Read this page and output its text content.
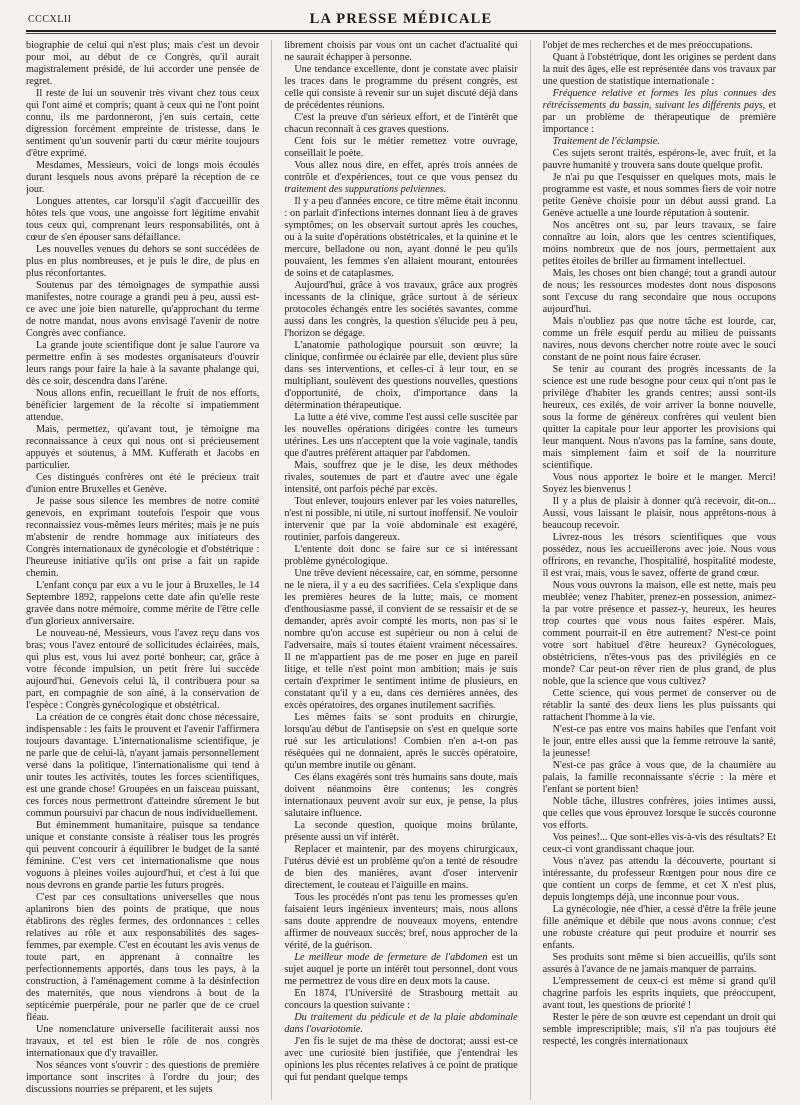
CCCXLII	LA PRESSE MÉDICALE

biographie de celui qui n'est plus; mais c'est un devoir pour moi, au début de ce Congrès, qu'il aurait magistralement présidé, de lui accorder une pensée de regret.

Il reste de lui un souvenir très vivant chez tous ceux qui l'ont aimé et compris; quant à ceux qui ne l'ont point connu, ils me pardonneront, j'en suis certain, cette digression forcément empreinte de tristesse, dans le sentiment qu'un souvenir parti du cœur mérite toujours d'être exprimé.

Mesdames, Messieurs, voici de longs mois écoulés durant lesquels nous avons préparé la réception de ce jour.

Longues attentes, car lorsqu'il s'agit d'accueillir des hôtes tels que vous, une angoisse fort légitime envahit tous ceux qui, comprenant leurs responsabilités, ont à cœur de s'en épouser sans défaillance.

Les nouvelles venues du dehors se sont succédées de plus en plus nombreuses, et je puis le dire, de plus en plus réconfortantes.

Soutenus par des témoignages de sympathie aussi manifestes, notre courage a grandi peu à peu, aussi est-ce avec une joie bien naturelle, qu'approchant du terme de notre mandat, nous avons envisagé l'avenir de notre Congrès avec confiance.

La grande joute scientifique dont je salue l'aurore va permettre enfin à ses modestes organisateurs d'ouvrir leurs rangs pour faire la haie à la savante phalange qui, dès ce soir, descendra dans l'arène.

Nous allons enfin, recueillant le fruit de nos efforts, bénéficier largement de la récolte si impatiemment attendue.

Mais, permettez, qu'avant tout, je témoigne ma reconnaissance à ceux qui nous ont si précieusement appuyés et soutenus, à MM. Kufferath et Jacobs en particulier.

Ces distingués confrères ont été le précieux trait d'union entre Bruxelles et Genève.

Je passe sous silence les membres de notre comité genevois, en exprimant toutefois l'espoir que vous reconnaissiez vous-mêmes leurs mérites; mais je ne puis m'abstenir de rendre hommage aux initiateurs des Congrès internationaux de gynécologie et d'obstétrique : l'heureuse initiative qu'ils ont prise a fait un rapide chemin.

L'enfant conçu par eux a vu le jour à Bruxelles, le 14 Septembre 1892, rappelons cette date afin qu'elle reste gravée dans notre mémoire, comme mérite de l'être celle d'un glorieux anniversaire.

Le nouveau-né, Messieurs, vous l'avez reçu dans vos bras; vous l'avez entouré de sollicitudes éclairées, mais, qui plus est, vous lui avez porté bonheur; car, grâce à votre féconde impulsion, un petit frère lui succède aujourd'hui. Genevois celui là, il contribuera pour sa part, en compagnie de son aîné, à la conservation de l'espèce : Congrès gynécologique et obstétrical.

La création de ce congrès était donc chose nécessaire, indispensable : les faits le prouvent et l'avenir l'affirmera toujours davantage. L'internationalisme scientifique, je ne parle que de celui-là, n'ayant jamais personnellement versé dans la politique, l'internationalisme qui tend à unir toutes les activités, toutes les forces scientifiques, est une grande chose! Groupées en un faisceau puissant, ces forces nous permettront d'atteindre sûrement le but commun poursuivi par chacun de nous individuellement.

But éminemment humanitaire, puisque sa tendance unique et constante consiste à réaliser tous les progrès qui peuvent concourir à équilibrer le budget de la santé féminine. C'est vers cet internationalisme que nous voguons à pleines voiles aujourd'hui, et c'est à lui que nous devrons en grande partie les futurs progrès.

C'est par ces consultations universelles que nous aplanirons bien des points de pratique, que nous établirons des règles fermes, des ordonnances : celles relatives au rôle et aux responsabilités des sages-femmes, par exemple. C'est en écoutant les avis venus de toute part, en apprenant à connaître les perfectionnements apportés, dans tous les pays, à la construction, à l'aménagement comme à la désinfection des maternités, que nous viendrons à bout de la septicémie puerpérale, pour ne parler que de ce cruel fléau.

Une nomenclature universelle faciliterait aussi nos travaux, et tel est bien le rôle de nos congrès internationaux que d'y travailler.

Nos séances vont s'ouvrir : des questions de première importance sont inscrites à l'ordre du jour; des discussions nourries se préparent, et les sujets

librement choisis par vous ont un cachet d'actualité qui ne saurait échapper à personne.

Une tendance excellente, dont je constate avec plaisir les traces dans le programme du présent congrès, est celle qui consiste à revenir sur un sujet discuté déjà dans de précédentes réunions.

C'est la preuve d'un sérieux effort, et de l'intérêt que chacun reconnaît à ces graves questions.

Cent fois sur le métier remettez votre ouvrage, conseillait le poète.

Vous allez nous dire, en effet, après trois années de contrôle et d'expériences, tout ce que vous pensez du traitement des suppurations pelviennes.

Il y a peu d'années encore, ce titre même était inconnu : on parlait d'infections internes donnant lieu à de graves symptômes; on les observait surtout après les couches, ou à la suite d'opérations obstétricales, et la quinine et le mercure, belladone ou non, ayant donné le peu qu'ils pouvaient, les femmes s'en allaient mourant, entourées de soins et de cataplasmes.

Aujourd'hui, grâce à vos travaux, grâce aux progrès incessants de la clinique, grâce surtout à de sérieux protocoles échangés entre les sociétés savantes, comme aussi dans les congrès, la question s'élucide peu à peu, l'horizon se dégage.

L'anatomie pathologique poursuit son œuvre; la clinique, confirmée ou éclairée par elle, devient plus sûre dans ses interventions, et celles-ci à leur tour, en se multipliant, soulèvent des questions nouvelles, questions d'opportunité, de choix, d'importance dans la détermination thérapeutique.

La lutte a été vive, comme l'est aussi celle suscitée par les nouvelles opérations dirigées contre les tumeurs utérines. Les uns n'acceptent que la voie vaginale, tandis que d'autres préfèrent attaquer par l'abdomen.

Mais, souffrez que je le dise, les deux méthodes rivales, soutenues de part et d'autre avec une égale intensité, ont parfois péché par excès.

Tout enlever, toujours enlever par les voies naturelles, n'est ni possible, ni utile, ni surtout inoffensif. Ne vouloir intervenir que par la voie abdominale est exagéré, routinier, parfois dangereux.

L'entente doit donc se faire sur ce si intéressant problème gynécologique.

Une trêve devient nécessaire, car, en somme, personne ne le niera, il y a eu des sacrifiées. Cela s'explique dans les premières heures de la lutte; mais, ce moment d'enthousiasme passé, il convient de se ressaisir et de se demander, après avoir compté les morts, non pas si le nombre qu'on accuse est supérieur ou non à celui de l'adversaire, mais si toutes étaient vraiment nécessaires. Il ne m'appartient pas de me poser en juge en pareil litige, et telle n'est point mon ambition; mais je suis certain d'exprimer le sentiment intime de plusieurs, en constatant qu'il y a eu, dans ces dernières années, des excès opératoires, des organes inutilement sacrifiés.

Les mêmes faits se sont produits en chirurgie, lorsqu'au début de l'antisepsie on s'est en quelque sorte rué sur les articulations! Combien n'en a-t-on pas réséquées qui ne donnaient, après le succès opératoire, qu'un membre inutile ou gênant.

Ces élans exagérés sont très humains sans doute, mais doivent néanmoins être contenus; les congrès internationaux peuvent avoir sur eux, je pense, la plus salutaire influence.

La seconde question, quoique moins brûlante, présente aussi un vif intérêt.

Replacer et maintenir, par des moyens chirurgicaux, l'utérus dévié est un problème qu'on a tenté de résoudre de bien des manières, avant d'oser intervenir directement, le couteau et l'aiguille en mains.

Tous les procédés n'ont pas tenu les promesses qu'en faisaient leurs ingénieux inventeurs; mais, nous allons sans doute apprendre de nouveaux moyens, entendre affirmer de nouveaux succès; bref, nous approcher de la vérité, de la guérison.

Le meilleur mode de fermeture de l'abdomen est un sujet auquel je porte un intérêt tout personnel, dont vous me permettrez de vous dire en deux mots la cause.

En 1874, l'Université de Strasbourg mettait au concours la question suivante :

Du traitement du pédicule et de la plaie abdominale dans l'ovariotomie.

J'en fis le sujet de ma thèse de doctorat; aussi est-ce avec une curiosité bien justifiée, que j'entendrai les opinions les plus récentes relatives à ce point de pratique qui fut pendant quelque temps

l'objet de mes recherches et de mes préoccupations.

Quant à l'obstétrique, dont les origines se perdent dans la nuit des âges, elle est représentée dans vos travaux par une question de statistique internationale :

Fréquence relative et formes les plus connues des rétrécissements du bassin, suivant les différents pays, et par un problème de thérapeutique de première importance :

Traitement de l'éclampsie.

Ces sujets seront traités, espérons-le, avec fruit, et la pauvre humanité y trouvera sans doute quelque profit.

Je n'ai pu que l'esquisser en quelques mots, mais le programme est vaste, et nous sommes fiers de voir notre petite Genève choisie pour un début aussi grand. La Genève actuelle a une lourde réputation à soutenir.

Nos ancêtres ont su, par leurs travaux, se faire connaître au loin, alors que les centres scientifiques, moins nombreux que de nos jours, permettaient aux petites étoiles de briller au firmament intellectuel.

Mais, les choses ont bien changé; tout a grandi autour de nous; les ressources modestes dont nous disposons sont l'excuse du rang secondaire que nous occupons aujourd'hui.

Mais n'oubliez pas que notre tâche est lourde, car, comme un frêle esquif perdu au milieu de puissants navires, nous devons chercher notre route avec le souci constant de ne point nous faire écraser.

Se tenir au courant des progrès incessants de la science est une rude besogne pour ceux qui n'ont pas le privilège d'habiter les grands centres; aussi sont-ils heureux, ces exilés, de voir arriver la bonne nouvelle, sous la forme de généreux confrères qui veulent bien quitter la capitale pour leur apporter les provisions qui leur manquent. Nous n'avons pas la famine, sans doute, mais simplement faim et soif de la nourriture scientifique.

Vous nous apportez le boire et le manger. Merci! Soyez les bienvenus !

Il y a plus de plaisir à donner qu'à recevoir, dit-on... Aussi, vous laissant le plaisir, nous apprêtons-nous à beaucoup recevoir.

Livrez-nous les trésors scientifiques que vous possédez, nous les accueillerons avec joie. Nous vous offrirons, en revanche, l'hospitalité, hospitalité modeste, il est vrai, mais, vous le savez, offerte de grand cœur.

Nous vous ouvrons la maison, elle est nette, mais peu meublée; venez l'habiter, prenez-en possession, animez-la par votre présence et passez-y, heureux, les heures trop courtes que vous nous faites espérer. Mais, comment pourrait-il en être autrement? N'est-ce point votre sort habituel d'être heureux? Gynécologues, obstétriciens, n'êtes-vous pas des privilégiés en ce monde? Car peut-on rêver rien de plus grand, de plus noble, que la science que vous cultivez?

Cette science, qui vous permet de conserver ou de rétablir la santé des deux liens les plus puissants qui rattachent l'homme à la vie.

N'est-ce pas entre vos mains habiles que l'enfant voit le jour, entre elles aussi que la femme retrouve la santé, la jeunesse!

N'est-ce pas grâce à vous que, de la chaumière au palais, la famille reconnaissante s'écrie : la mère et l'enfant se portent bien!

Noble tâche, illustres confrères, joies intimes aussi, que celles que vous éprouvez lorsque le succès couronne vos efforts.

Vos peines!... Que sont-elles vis-à-vis des résultats? Et ceux-ci vont grandissant chaque jour.

Vous n'avez pas attendu la découverte, pourtant si intéressante, du professeur Rœntgen pour nous dire ce que contient un corps de femme, et cet X n'est plus, depuis longtemps déjà, une inconnue pour vous.

La gynécologie, née d'hier, a cessé d'être la frêle jeune fille anémique et débile que nous avons connue; c'est une robuste créature qui peut produire et nourrir ses enfants.

Ses produits sont même si bien accueillis, qu'ils sont assurés à l'avance de ne jamais manquer de parrains.

L'empressement de ceux-ci est même si grand qu'il chagrine parfois les esprits inquiets, que préoccupent, avant tout, les questions de priorité !

Rester le père de son œuvre est cependant un droit qui semble imprescriptible; mais, s'il n'a pas toujours été respecté, les congrès internationaux
